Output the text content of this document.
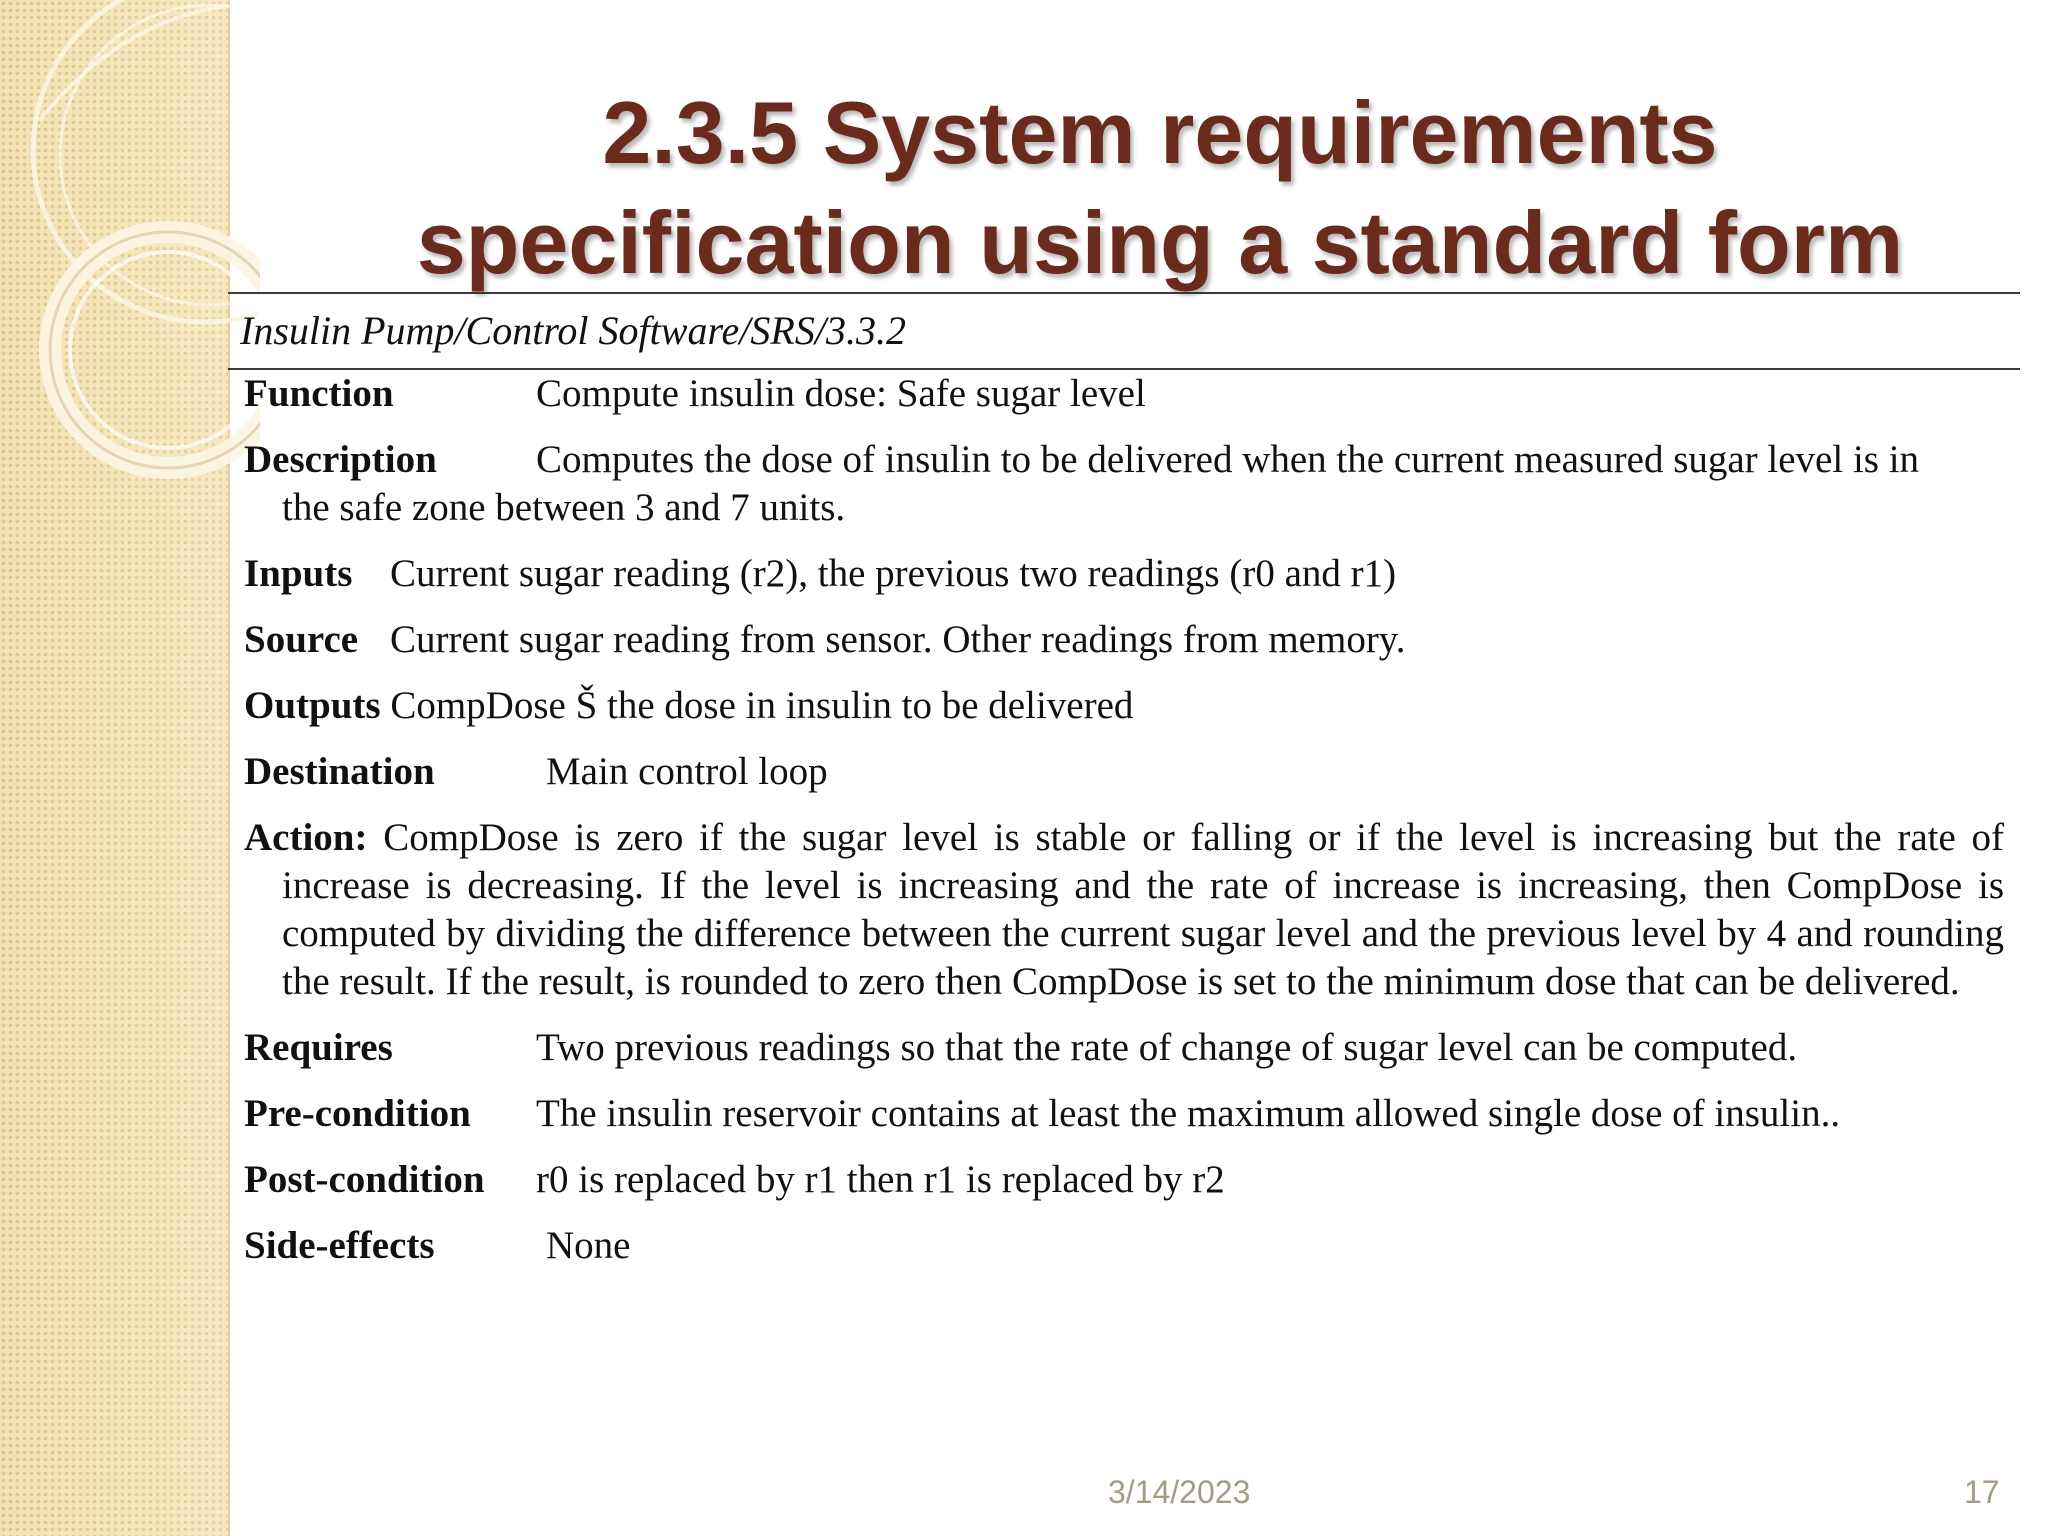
2.3.5 System requirements
specification using a standard form
Insulin Pump/Control Software/SRS/3.3.2
Function	Compute insulin dose: Safe sugar level
Description	Computes the dose of insulin to be delivered when the current measured sugar level is in
the safe zone between 3 and 7 units.
Inputs Current sugar reading (r2), the previous two readings (r0 and r1)
Source Current sugar reading from sensor. Other readings from memory.
Outputs CompDose Š the dose in insulin to be delivered
Destination	Main control loop
Action: CompDose is zero if the sugar level is stable or falling or if the level is increasing but the rate of increase is decreasing. If the level is increasing and the rate of increase is increasing, then CompDose is computed by dividing the difference between the current sugar level and the previous level by 4 and rounding the result. If the result, is rounded to zero then CompDose is set to the minimum dose that can be delivered.
Requires	Two previous readings so that the rate of change of sugar level can be computed.
Pre-condition The insulin reservoir contains at least the maximum allowed single dose of insulin..
Post-condition r0 is replaced by r1 then r1 is replaced by r2
Side-effects	None
3/14/2023	17
